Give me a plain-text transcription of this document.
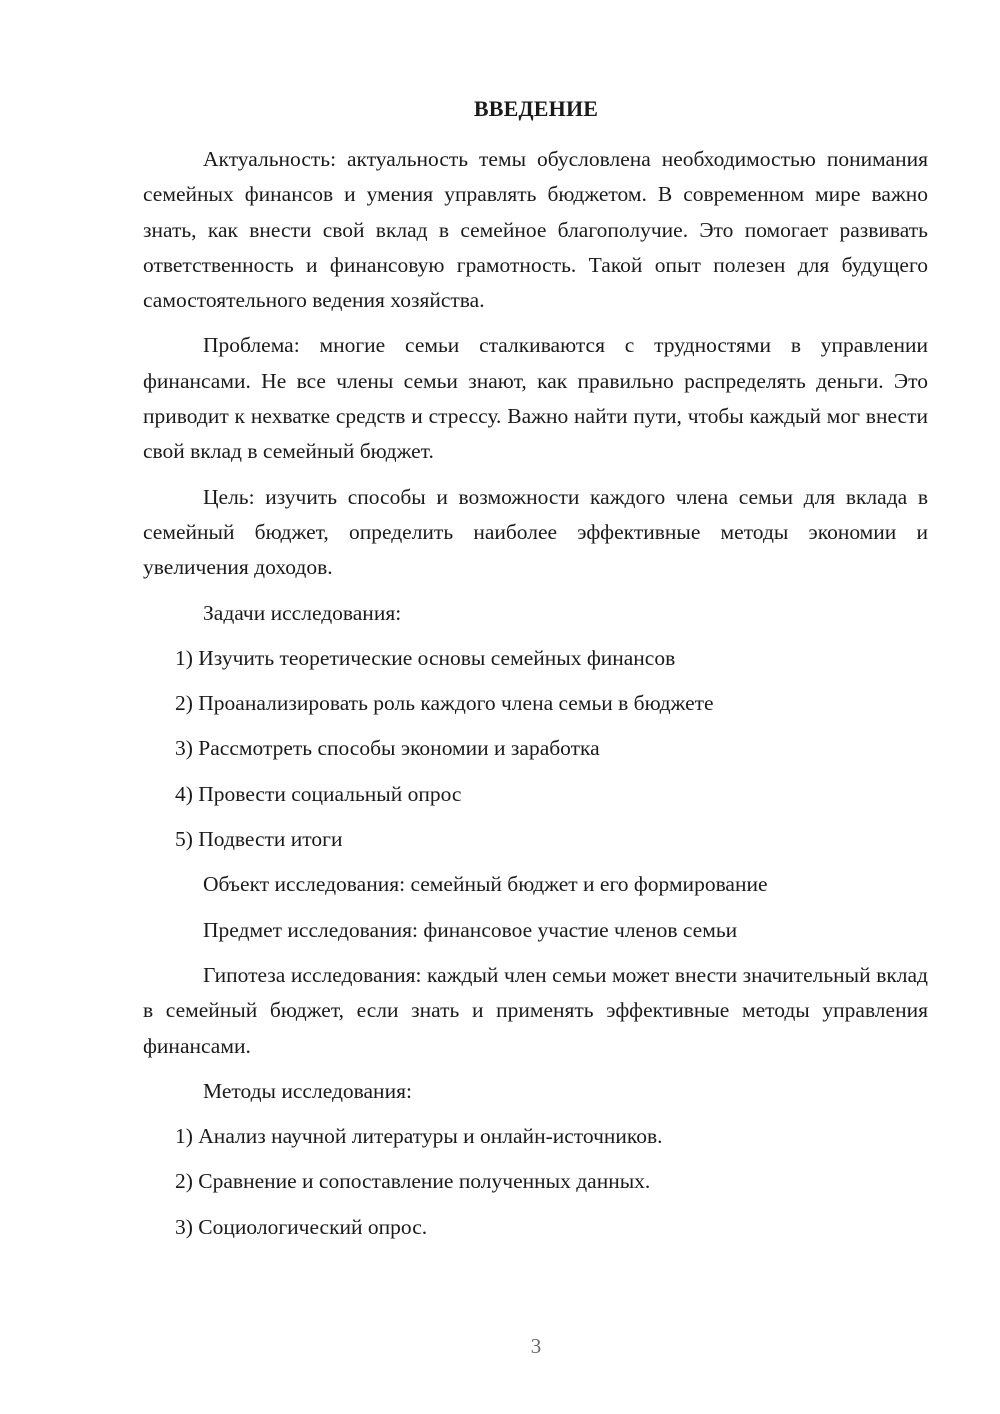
ВВЕДЕНИЕ

Актуальность: актуальность темы обусловлена необходимостью понимания семейных финансов и умения управлять бюджетом. В современном мире важно знать, как внести свой вклад в семейное благополучие. Это помогает развивать ответственность и финансовую грамотность. Такой опыт полезен для будущего самостоятельного ведения хозяйства.

Проблема: многие семьи сталкиваются с трудностями в управлении финансами. Не все члены семьи знают, как правильно распределять деньги. Это приводит к нехватке средств и стрессу. Важно найти пути, чтобы каждый мог внести свой вклад в семейный бюджет.

Цель: изучить способы и возможности каждого члена семьи для вклада в семейный бюджет, определить наиболее эффективные методы экономии и увеличения доходов.

Задачи исследования:

1) Изучить теоретические основы семейных финансов

2) Проанализировать роль каждого члена семьи в бюджете

3) Рассмотреть способы экономии и заработка

4) Провести социальный опрос

5) Подвести итоги

Объект исследования: семейный бюджет и его формирование

Предмет исследования: финансовое участие членов семьи

Гипотеза исследования: каждый член семьи может внести значительный вклад в семейный бюджет, если знать и применять эффективные методы управления финансами.

Методы исследования:

1) Анализ научной литературы и онлайн-источников.

2) Сравнение и сопоставление полученных данных.

3) Социологический опрос.

3
